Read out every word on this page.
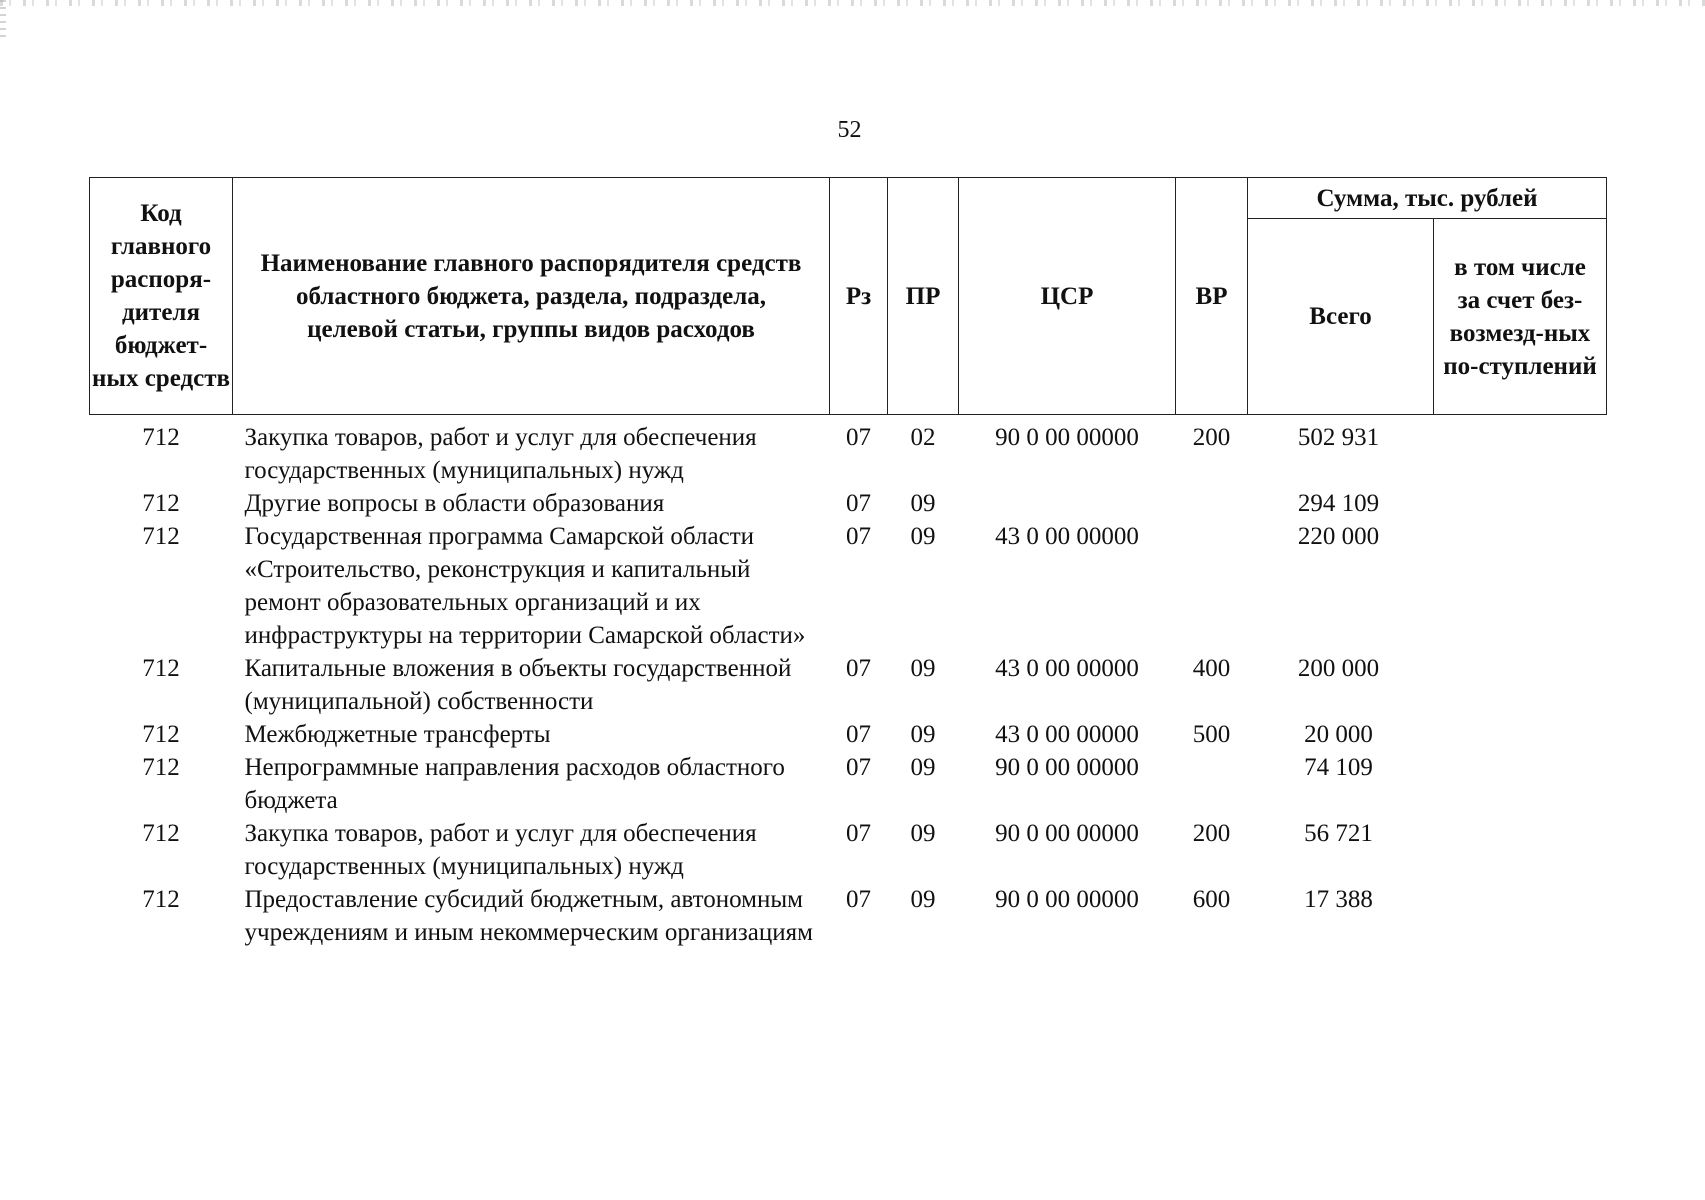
52
Код главного распоря-дителя бюджет-ных средств	Наименование главного распорядителя средств областного бюджета, раздела, подраздела, целевой статьи, группы видов расходов	Рз	ПР	ЦСР	ВР	Сумма, тыс. рублей	
						Всего	в том числе за счет без-возмезд-ных по-ступлений
712	Закупка товаров, работ и услуг для обеспечения государственных (муниципальных) нужд	07	02	90 0 00 00000	200	502 931	
712	Другие вопросы в области образования	07	09			294 109	
712	Государственная программа Самарской области «Строительство, реконструкция и капитальный ремонт образовательных организаций и их инфраструктуры на территории Самарской области»	07	09	43 0 00 00000		220 000	
712	Капитальные вложения в объекты государственной (муниципальной) собственности	07	09	43 0 00 00000	400	200 000	
712	Межбюджетные трансферты	07	09	43 0 00 00000	500	20 000	
712	Непрограммные направления расходов областного бюджета	07	09	90 0 00 00000		74 109	
712	Закупка товаров, работ и услуг для обеспечения государственных (муниципальных) нужд	07	09	90 0 00 00000	200	56 721	
712	Предоставление субсидий бюджетным, автономным учреждениям и иным некоммерческим организациям	07	09	90 0 00 00000	600	17 388	
